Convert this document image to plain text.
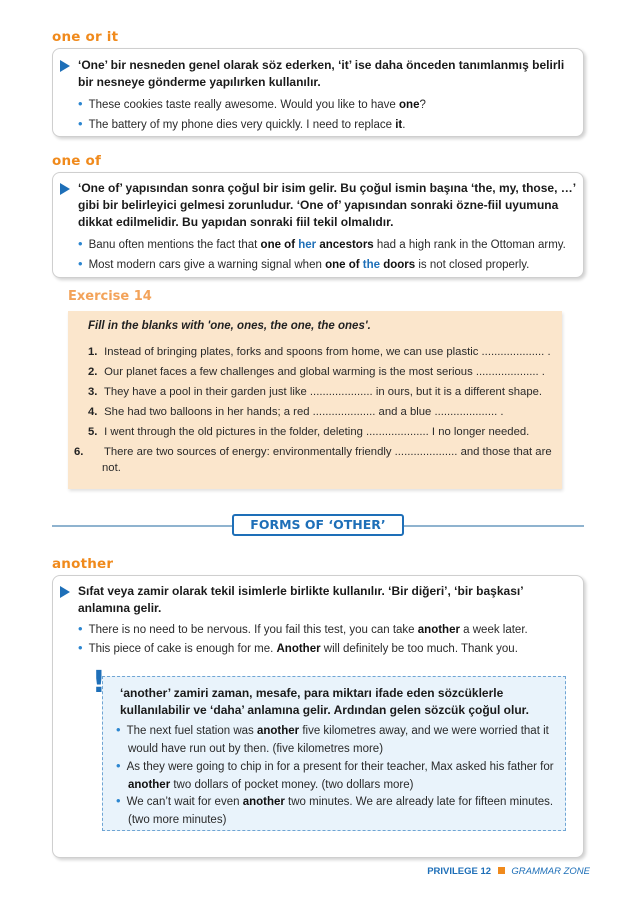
one or it
‘One’ bir nesneden genel olarak söz ederken, ‘it’ ise daha önceden tanımlanmış belirli bir nesneye gönderme yapılırken kullanılır.
• These cookies taste really awesome. Would you like to have one?
• The battery of my phone dies very quickly. I need to replace it.
one of
‘One of’ yapısından sonra çoğul bir isim gelir. Bu çoğul ismin başına ‘the, my, those, …’ gibi bir belirleyici gelmesi zorunludur. ‘One of’ yapısından sonraki özne-fiil uyumuna dikkat edilmelidir. Bu yapıdan sonraki fiil tekil olmalıdır.
• Banu often mentions the fact that one of her ancestors had a high rank in the Ottoman army.
• Most modern cars give a warning signal when one of the doors is not closed properly.
Exercise 14
Fill in the blanks with 'one, ones, the one, the ones'.
1. Instead of bringing plates, forks and spoons from home, we can use plastic .................... .
2. Our planet faces a few challenges and global warming is the most serious .................... .
3. They have a pool in their garden just like .................... in ours, but it is a different shape.
4. She had two balloons in her hands; a red .................... and a blue .................... .
5. I went through the old pictures in the folder, deleting .................... I no longer needed.
6. There are two sources of energy: environmentally friendly .................... and those that are not.
FORMS OF ‘OTHER’
another
Sıfat veya zamir olarak tekil isimlerle birlikte kullanılır. ‘Bir diğeri’, ‘bir başkası’ anlamına gelir.
• There is no need to be nervous. If you fail this test, you can take another a week later.
• This piece of cake is enough for me. Another will definitely be too much. Thank you.
! ‘another’ zamiri zaman, mesafe, para miktarı ifade eden sözcüklerle kullanılabilir ve ‘daha’ anlamına gelir. Ardından gelen sözcük çoğul olur.
• The next fuel station was another five kilometres away, and we were worried that it would have run out by then. (five kilometres more)
• As they were going to chip in for a present for their teacher, Max asked his father for another two dollars of pocket money. (two dollars more)
• We can’t wait for even another two minutes. We are already late for fifteen minutes. (two more minutes)
PRIVILEGE 12 GRAMMAR ZONE
